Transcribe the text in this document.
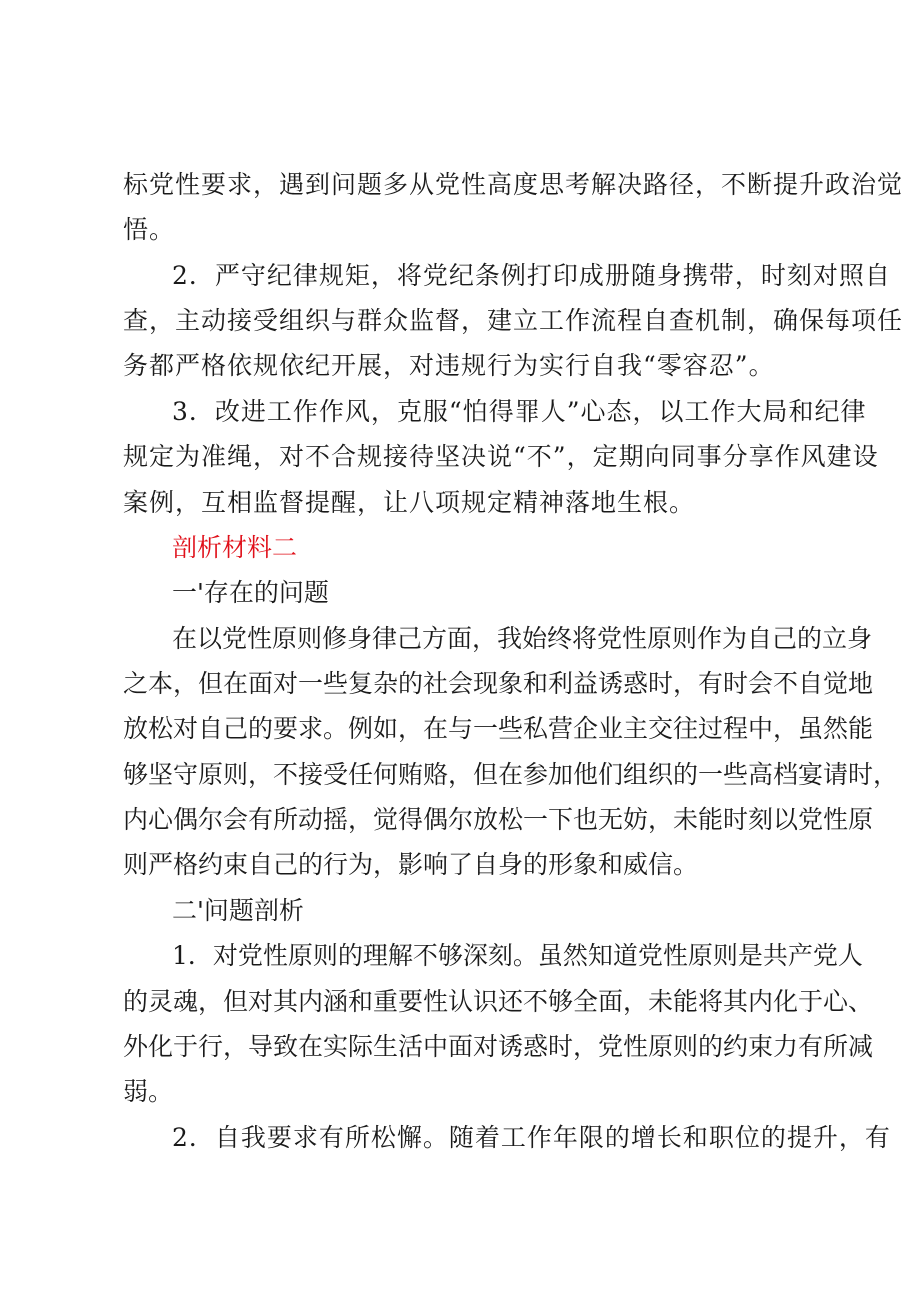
标党性要求，遇到问题多从党性高度思考解决路径，不断提升政治觉
悟。
2．严守纪律规矩，将党纪条例打印成册随身携带，时刻对照自
查，主动接受组织与群众监督，建立工作流程自查机制，确保每项任
务都严格依规依纪开展，对违规行为实行自我“零容忍”。
3．改进工作作风，克服“怕得罪人”心态，以工作大局和纪律
规定为准绳，对不合规接待坚决说“不”，定期向同事分享作风建设
案例，互相监督提醒，让八项规定精神落地生根。
剖析材料二
一'存在的问题
在以党性原则修身律己方面，我始终将党性原则作为自己的立身
之本，但在面对一些复杂的社会现象和利益诱惑时，有时会不自觉地
放松对自己的要求。例如，在与一些私营企业主交往过程中，虽然能
够坚守原则，不接受任何贿赂，但在参加他们组织的一些高档宴请时，
内心偶尔会有所动摇，觉得偶尔放松一下也无妨，未能时刻以党性原
则严格约束自己的行为，影响了自身的形象和威信。
二'问题剖析
1．对党性原则的理解不够深刻。虽然知道党性原则是共产党人
的灵魂，但对其内涵和重要性认识还不够全面，未能将其内化于心、
外化于行，导致在实际生活中面对诱惑时，党性原则的约束力有所减
弱。
2．自我要求有所松懈。随着工作年限的增长和职位的提升，有
